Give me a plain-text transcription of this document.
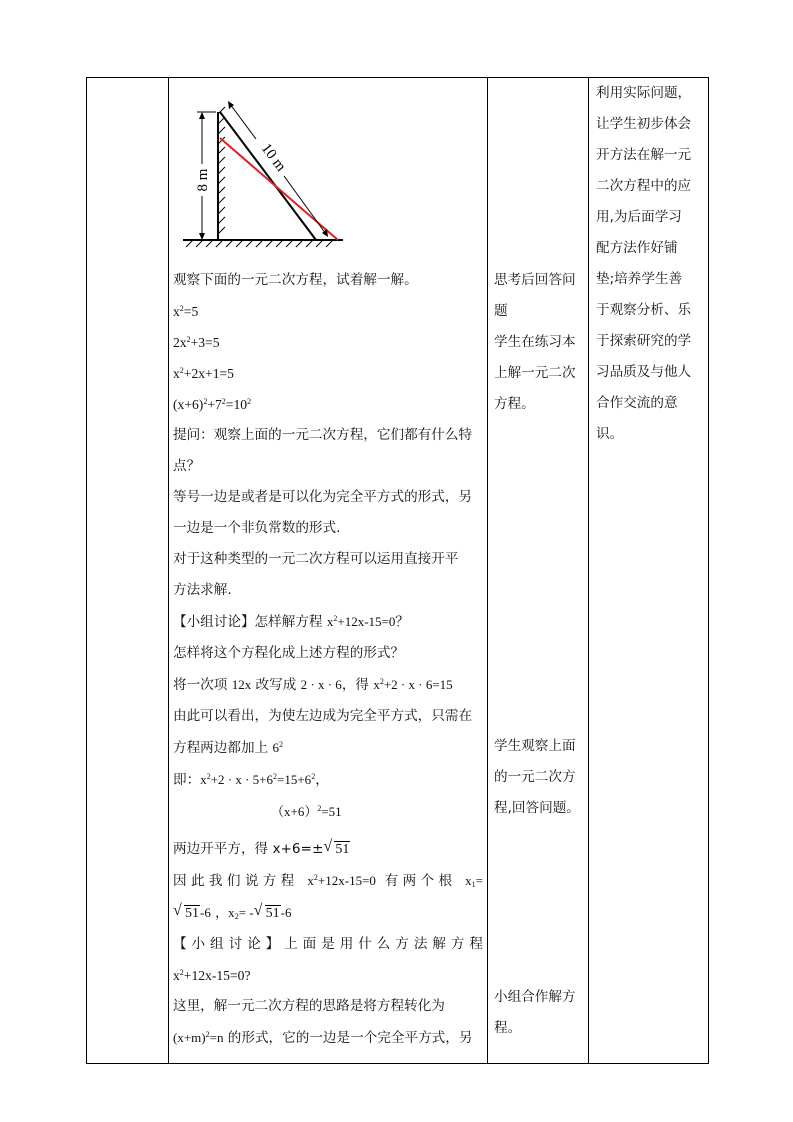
8 m
10 m

观察下面的一元二次方程，试着解一解。

$x^2=5$

$2x^2+3=5$

$x^2+2x+1=5$

$(x+6)^2+7^2=10^2$

提问：观察上面的一元二次方程，它们都有什么特

点？

等号一边是或者是可以化为完全平方式的形式，另

一边是一个非负常数的形式.

对于这种类型的一元二次方程可以运用直接开平

方法求解.

【小组讨论】怎样解方程 $x^2+12x-15=0$？

怎样将这个方程化成上述方程的形式？

将一次项 12x 改写成 2 · x · 6，得 $x^2+2 \cdot x \cdot 6=15$

由此可以看出，为使左边成为完全平方式，只需在

方程两边都加上 $6^2$

即：$x^2+2 \cdot x \cdot 5+6^2=15+6^2$，

$(x+6)^2=51$

两边开平方，得 x+6=± √ 51

因此我们说方程 $x^2+12x-15=0$ 有两个根 $x_1=$

√ 51-6 ，$x_2=$ - √ 51-6

【小组讨论】上面是用什么方法解方程

$x^2+12x-15=0$?

这里，解一元二次方程的思路是将方程转化为

$(x+m)^2=n$ 的形式，它的一边是一个完全平方式，另

思考后回答问

题

学生在练习本

上解一元二次

方程。

学生观察上面

的一元二次方

程,回答问题。

小组合作解方

程。

利用实际问题，

让学生初步体会

开方法在解一元

二次方程中的应

用,为后面学习

配方法作好铺

垫;培养学生善

于观察分析、乐

于探索研究的学

习品质及与他人

合作交流的意

识。
